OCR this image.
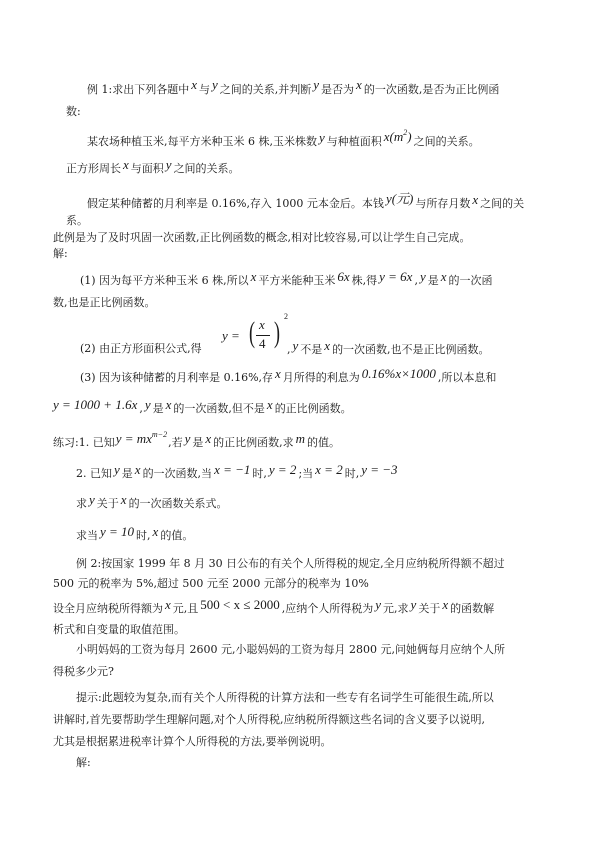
例 1:求出下列各题中 x 与 y 之间的关系,并判断 y 是否为 x 的一次函数,是否为正比例函
数:
某农场种植玉米,每平方米种玉米 6 株,玉米株数 y 与种植面积 $x(m^2)$ 之间的关系。
正方形周长 x 与面积 y 之间的关系。
假定某种储蓄的月利率是 0.16%,存入 1000 元本金后。本钱 y(元) 与所存月数 x 之间的关
系。
此例是为了及时巩固一次函数,正比例函数的概念,相对比较容易,可以让学生自己完成。
解:
(1) 因为每平方米种玉米 6 株,所以 x 平方米能种玉米 6x 株,得 y = 6x , y 是 x 的一次函
数,也是正比例函数。
(2) 由正方形面积公式,得
y = ( x
4 ) 2
, y 不是 x 的一次函数,也不是正比例函数。
(3) 因为该种储蓄的月利率是 0.16%,存 x 月所得的利息为 0.16%x×1000 ,所以本息和
y = 1000 + 1.6x , y 是 x 的一次函数,但不是 x 的正比例函数。
练习:1. 已知$y = mx^{m-2}$,若 y 是 x 的正比例函数,求 m 的值。
2. 已知 y 是 x 的一次函数,当 x = −1 时, y = 2 ;当 x = 2 时, y = −3
求 y 关于 x 的一次函数关系式。
求当 y = 10 时, x 的值。
例 2:按国家 1999 年 8 月 30 日公布的有关个人所得税的规定,全月应纳税所得额不超过
500 元的税率为 5%,超过 500 元至 2000 元部分的税率为 10%
设全月应纳税所得额为 x 元,且 500 < x ≤ 2000 ,应纳个人所得税为 y 元,求 y 关于 x 的函数解
析式和自变量的取值范围。
小明妈妈的工资为每月 2600 元,小聪妈妈的工资为每月 2800 元,问她俩每月应纳个人所
得税多少元?
提示:此题较为复杂,而有关个人所得税的计算方法和一些专有名词学生可能很生疏,所以
讲解时,首先要帮助学生理解问题,对个人所得税,应纳税所得额这些名词的含义要予以说明,
尤其是根据累进税率计算个人所得税的方法,要举例说明。
解:
